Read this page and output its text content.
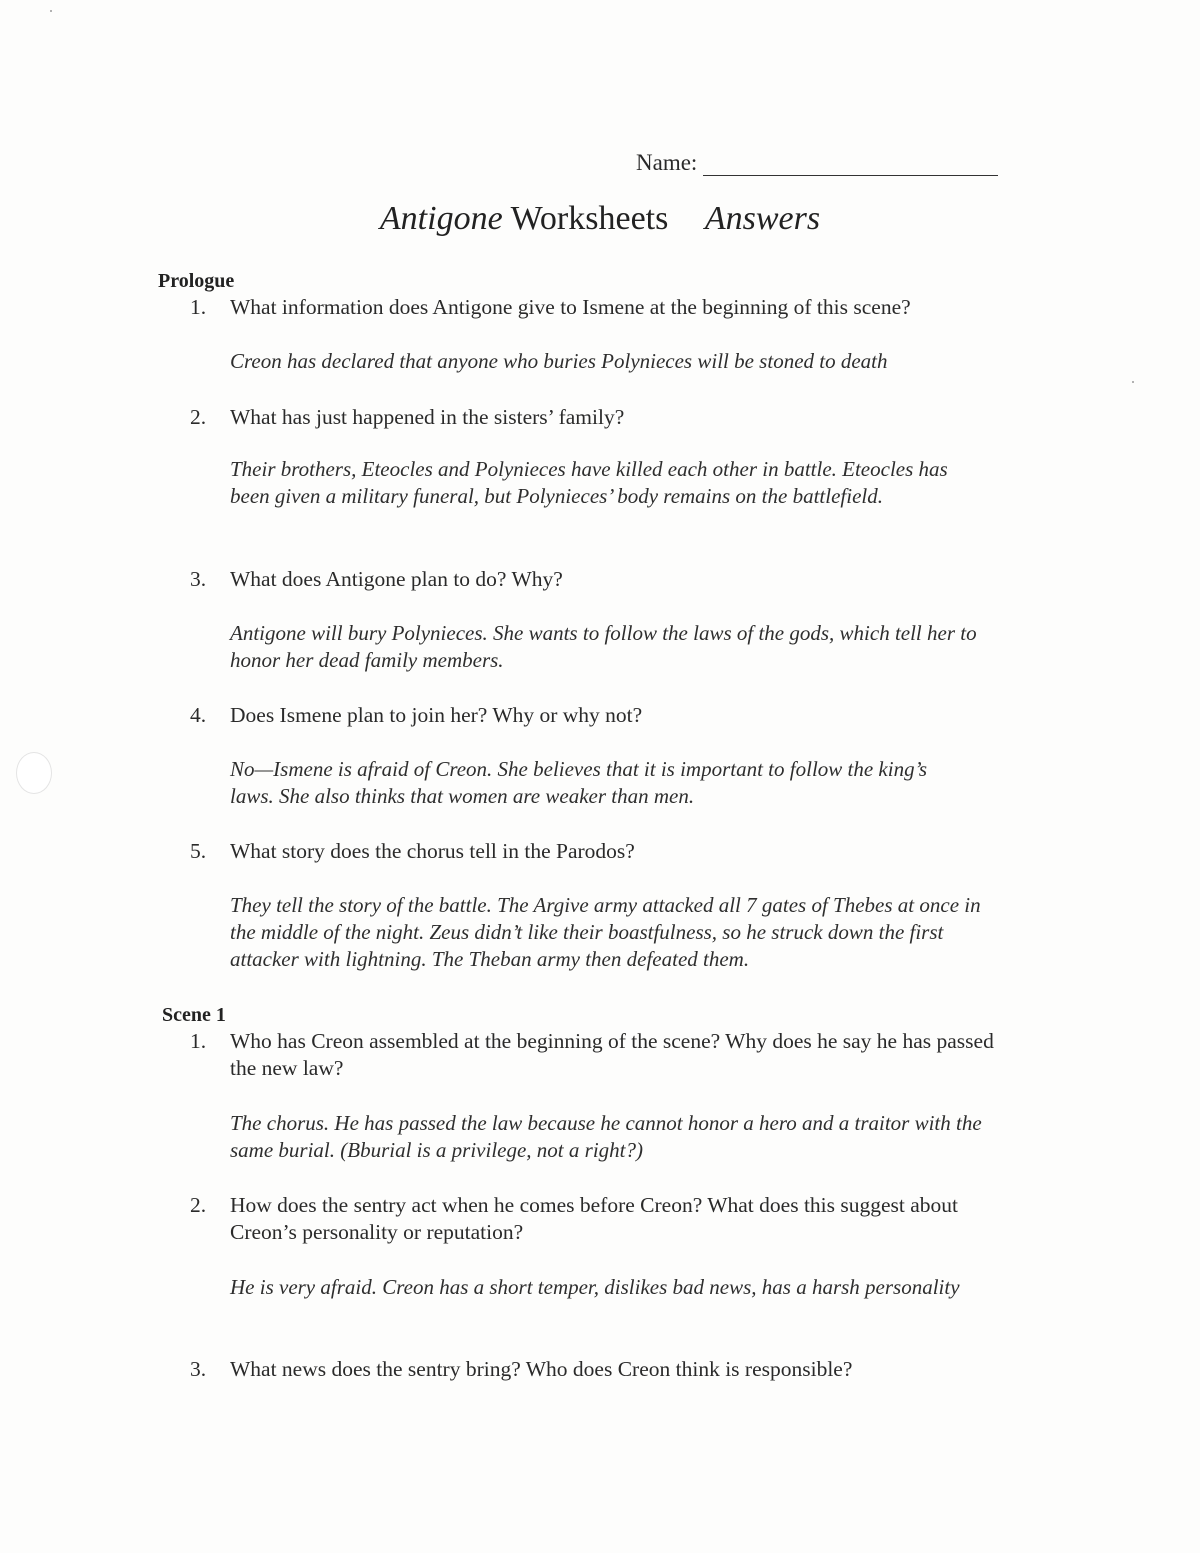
Name:
Antigone Worksheets Answers
Prologue
1.	What information does Antigone give to Ismene at the beginning of this scene?
Creon has declared that anyone who buries Polynieces will be stoned to death
2.	What has just happened in the sisters’ family?
Their brothers, Eteocles and Polynieces have killed each other in battle. Eteocles has been given a military funeral, but Polynieces’ body remains on the battlefield.
3.	What does Antigone plan to do? Why?
Antigone will bury Polynieces. She wants to follow the laws of the gods, which tell her to honor her dead family members.
4.	Does Ismene plan to join her? Why or why not?
No—Ismene is afraid of Creon. She believes that it is important to follow the king’s laws. She also thinks that women are weaker than men.
5.	What story does the chorus tell in the Parodos?
They tell the story of the battle. The Argive army attacked all 7 gates of Thebes at once in the middle of the night. Zeus didn’t like their boastfulness, so he struck down the first attacker with lightning. The Theban army then defeated them.
Scene 1
1.	Who has Creon assembled at the beginning of the scene? Why does he say he has passed the new law?
The chorus. He has passed the law because he cannot honor a hero and a traitor with the same burial. (Bburial is a privilege, not a right?)
2.	How does the sentry act when he comes before Creon? What does this suggest about Creon’s personality or reputation?
He is very afraid. Creon has a short temper, dislikes bad news, has a harsh personality
3.	What news does the sentry bring? Who does Creon think is responsible?
